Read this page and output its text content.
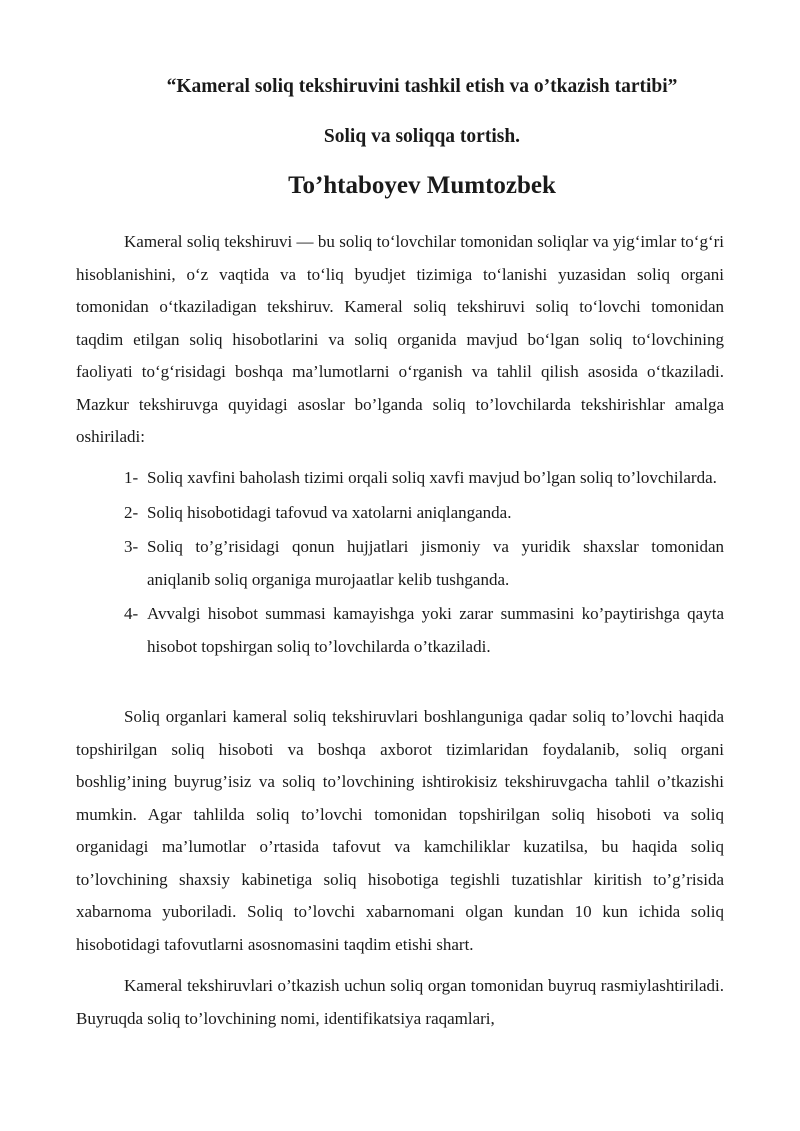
“Kameral soliq tekshiruvini tashkil etish va o’tkazish tartibi”
Soliq va soliqqa tortish.
To’htaboyev Mumtozbek

Kameral soliq tekshiruvi — bu soliq to‘lovchilar tomonidan soliqlar va yig‘imlar to‘g‘ri hisoblanishini, o‘z vaqtida va to‘liq byudjet tizimiga to‘lanishi yuzasidan soliq organi tomonidan o‘tkaziladigan tekshiruv. Kameral soliq tekshiruvi soliq to‘lovchi tomonidan taqdim etilgan soliq hisobotlarini va soliq organida mavjud bo‘lgan soliq to‘lovchining faoliyati to‘g‘risidagi boshqa ma’lumotlarni o‘rganish va tahlil qilish asosida o‘tkaziladi. Mazkur tekshiruvga quyidagi asoslar bo’lganda soliq to’lovchilarda tekshirishlar amalga oshiriladi:

1- Soliq xavfini baholash tizimi orqali soliq xavfi mavjud bo’lgan soliq to’lovchilarda.
2- Soliq hisobotidagi tafovud va xatolarni aniqlanganda.
3- Soliq to’g’risidagi qonun hujjatlari jismoniy va yuridik shaxslar tomonidan aniqlanib soliq organiga murojaatlar kelib tushganda.
4- Avvalgi hisobot summasi kamayishga yoki zarar summasini ko’paytirishga qayta hisobot topshirgan soliq to’lovchilarda o’tkaziladi.

Soliq organlari kameral soliq tekshiruvlari boshlanguniga qadar soliq to’lovchi haqida topshirilgan soliq hisoboti va boshqa axborot tizimlaridan foydalanib, soliq organi boshlig’ining buyrug’isiz va soliq to’lovchining ishtirokisiz tekshiruvgacha tahlil o’tkazishi mumkin. Agar tahlilda soliq to’lovchi tomonidan topshirilgan soliq hisoboti va soliq organidagi ma’lumotlar o’rtasida tafovut va kamchiliklar kuzatilsa, bu haqida soliq to’lovchining shaxsiy kabinetiga soliq hisobotiga tegishli tuzatishlar kiritish to’g’risida xabarnoma yuboriladi. Soliq to’lovchi xabarnomani olgan kundan 10 kun ichida soliq hisobotidagi tafovutlarni asosnomasini taqdim etishi shart.

Kameral tekshiruvlari o’tkazish uchun soliq organ tomonidan buyruq rasmiylashtiriladi. Buyruqda soliq to’lovchining nomi, identifikatsiya raqamlari,
